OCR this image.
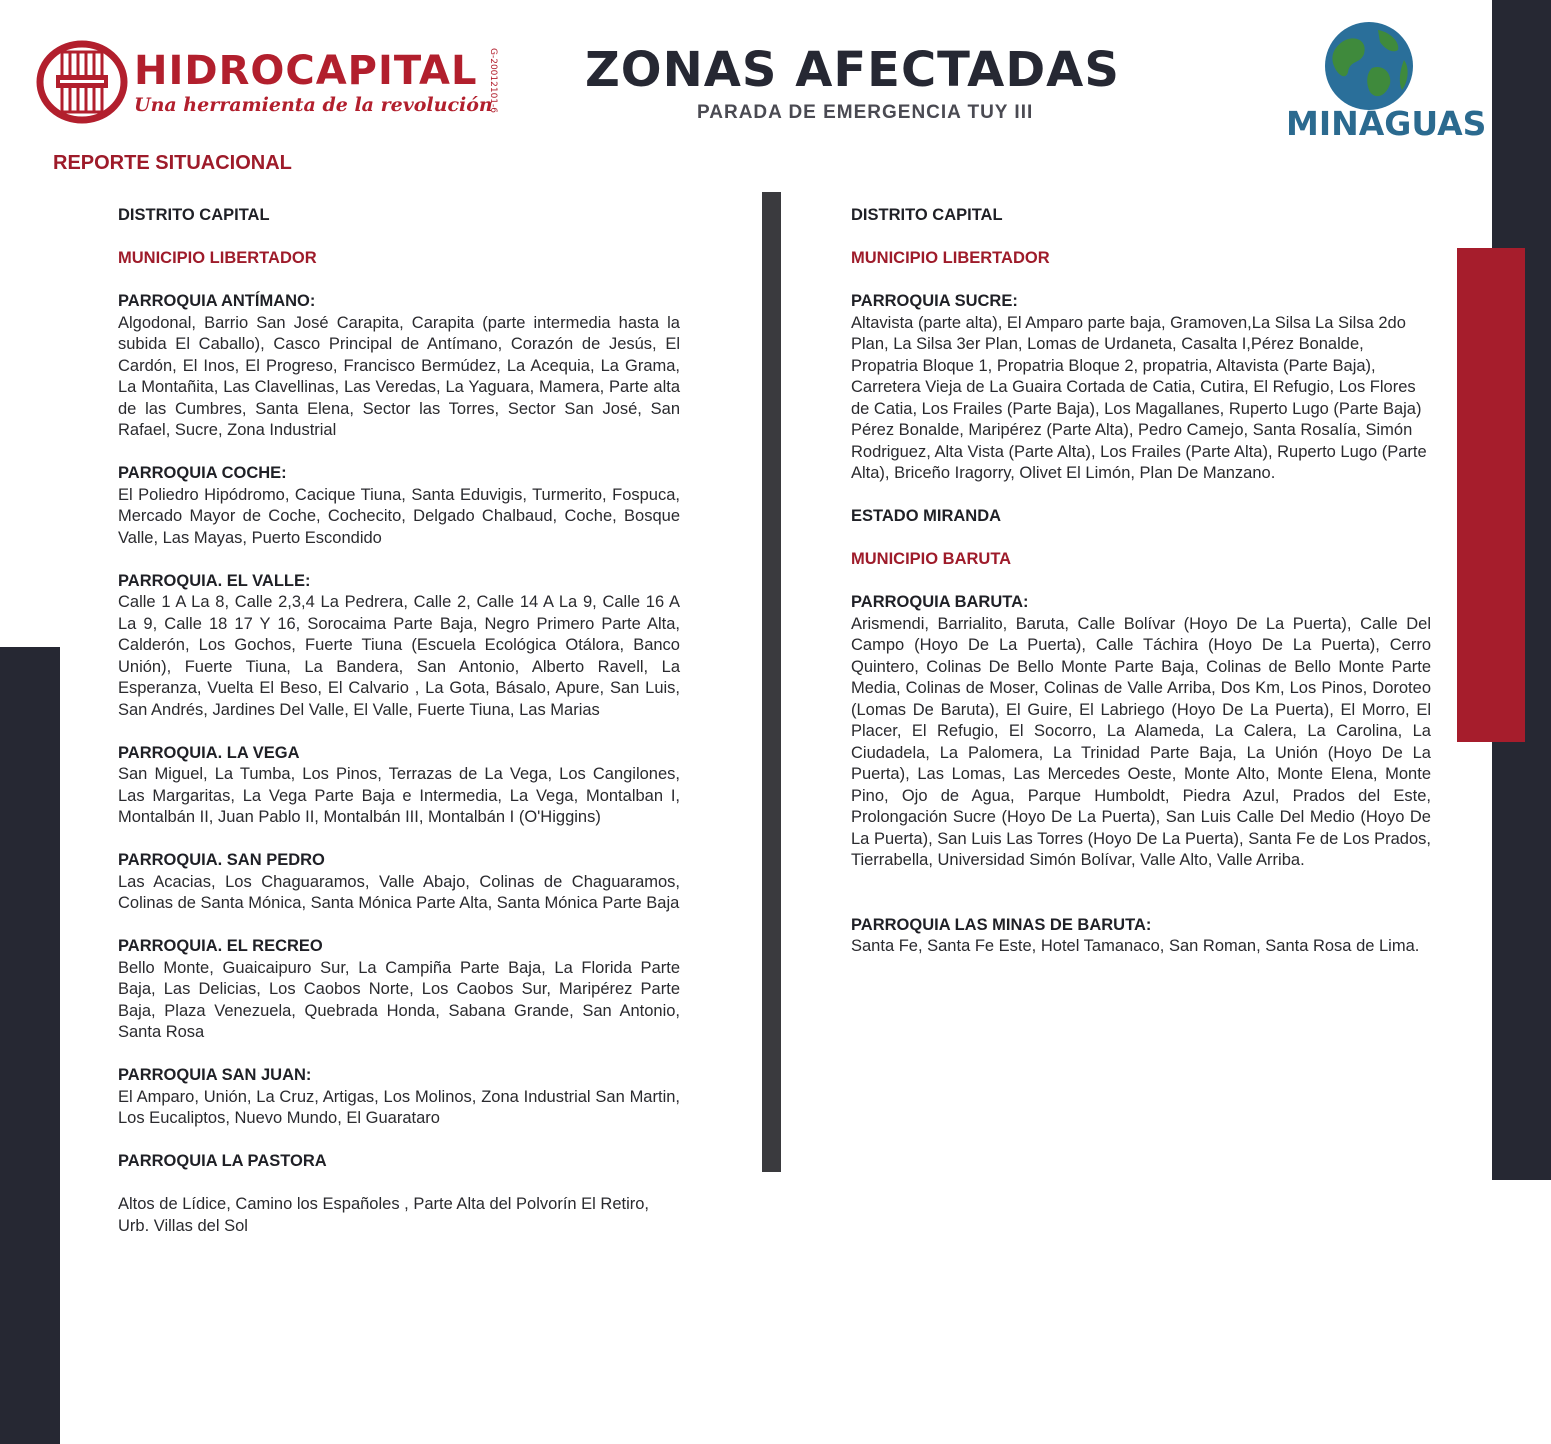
HIDROCAPITAL
Una herramienta de la revolución
G-20012101-6 ZONAS AFECTADAS
PARADA DE EMERGENCIA TUY III	MINAGUAS
REPORTE SITUACIONAL

DISTRITO CAPITAL

MUNICIPIO LIBERTADOR

PARROQUIA ANTÍMANO:

Algodonal, Barrio San José Carapita, Carapita (parte intermedia hasta la subida El Caballo), Casco Principal de Antímano, Corazón de Jesús, El Cardón, El Inos, El Progreso, Francisco Bermúdez, La Acequia, La Grama, La Montañita, Las Clavellinas, Las Veredas, La Yaguara, Mamera, Parte alta de las Cumbres, Santa Elena, Sector las Torres, Sector San José, San Rafael, Sucre, Zona Industrial

PARROQUIA COCHE:

El Poliedro Hipódromo, Cacique Tiuna, Santa Eduvigis, Turmerito, Fospuca, Mercado Mayor de Coche, Cochecito, Delgado Chalbaud, Coche, Bosque Valle, Las Mayas, Puerto Escondido

PARROQUIA. EL VALLE:

Calle 1 A La 8, Calle 2,3,4 La Pedrera, Calle 2, Calle 14 A La 9, Calle 16 A La 9, Calle 18 17 Y 16, Sorocaima Parte Baja, Negro Primero Parte Alta, Calderón, Los Gochos, Fuerte Tiuna (Escuela Ecológica Otálora, Banco Unión), Fuerte Tiuna, La Bandera, San Antonio, Alberto Ravell, La Esperanza, Vuelta El Beso, El Calvario , La Gota, Básalo, Apure, San Luis, San Andrés, Jardines Del Valle, El Valle, Fuerte Tiuna, Las Marias

PARROQUIA. LA VEGA

San Miguel, La Tumba, Los Pinos, Terrazas de La Vega, Los Cangilones, Las Margaritas, La Vega Parte Baja e Intermedia, La Vega, Montalban I, Montalbán II, Juan Pablo II, Montalbán III, Montalbán I (O'Higgins)

PARROQUIA. SAN PEDRO

Las Acacias, Los Chaguaramos, Valle Abajo, Colinas de Chaguaramos, Colinas de Santa Mónica, Santa Mónica Parte Alta, Santa Mónica Parte Baja

PARROQUIA. EL RECREO

Bello Monte, Guaicaipuro Sur, La Campiña Parte Baja, La Florida Parte Baja, Las Delicias, Los Caobos Norte, Los Caobos Sur, Maripérez Parte Baja, Plaza Venezuela, Quebrada Honda, Sabana Grande, San Antonio, Santa Rosa

PARROQUIA SAN JUAN:

El Amparo, Unión, La Cruz, Artigas, Los Molinos, Zona Industrial San Martin, Los Eucaliptos, Nuevo Mundo, El Guarataro

PARROQUIA LA PASTORA

Altos de Lídice, Camino los Españoles , Parte Alta del Polvorín El Retiro, Urb. Villas del Sol

DISTRITO CAPITAL

MUNICIPIO LIBERTADOR

PARROQUIA SUCRE:

Altavista (parte alta), El Amparo parte baja, Gramoven,La Silsa La Silsa 2do Plan, La Silsa 3er Plan, Lomas de Urdaneta, Casalta I,Pérez Bonalde, Propatria Bloque 1, Propatria Bloque 2, propatria, Altavista (Parte Baja), Carretera Vieja de La Guaira Cortada de Catia, Cutira, El Refugio, Los Flores de Catia, Los Frailes (Parte Baja), Los Magallanes, Ruperto Lugo (Parte Baja) Pérez Bonalde, Maripérez (Parte Alta), Pedro Camejo, Santa Rosalía, Simón Rodriguez, Alta Vista (Parte Alta), Los Frailes (Parte Alta), Ruperto Lugo (Parte Alta), Briceño Iragorry, Olivet El Limón, Plan De Manzano.

ESTADO MIRANDA

MUNICIPIO BARUTA

PARROQUIA BARUTA:

Arismendi, Barrialito, Baruta, Calle Bolívar (Hoyo De La Puerta), Calle Del Campo (Hoyo De La Puerta), Calle Táchira (Hoyo De La Puerta), Cerro Quintero, Colinas De Bello Monte Parte Baja, Colinas de Bello Monte Parte Media, Colinas de Moser, Colinas de Valle Arriba, Dos Km, Los Pinos, Doroteo (Lomas De Baruta), El Guire, El Labriego (Hoyo De La Puerta), El Morro, El Placer, El Refugio, El Socorro, La Alameda, La Calera, La Carolina, La Ciudadela, La Palomera, La Trinidad Parte Baja, La Unión (Hoyo De La Puerta), Las Lomas, Las Mercedes Oeste, Monte Alto, Monte Elena, Monte Pino, Ojo de Agua, Parque Humboldt, Piedra Azul, Prados del Este, Prolongación Sucre (Hoyo De La Puerta), San Luis Calle Del Medio (Hoyo De La Puerta), San Luis Las Torres (Hoyo De La Puerta), Santa Fe de Los Prados, Tierrabella, Universidad Simón Bolívar, Valle Alto, Valle Arriba.

PARROQUIA LAS MINAS DE BARUTA:

Santa Fe, Santa Fe Este, Hotel Tamanaco, San Roman, Santa Rosa de Lima.
